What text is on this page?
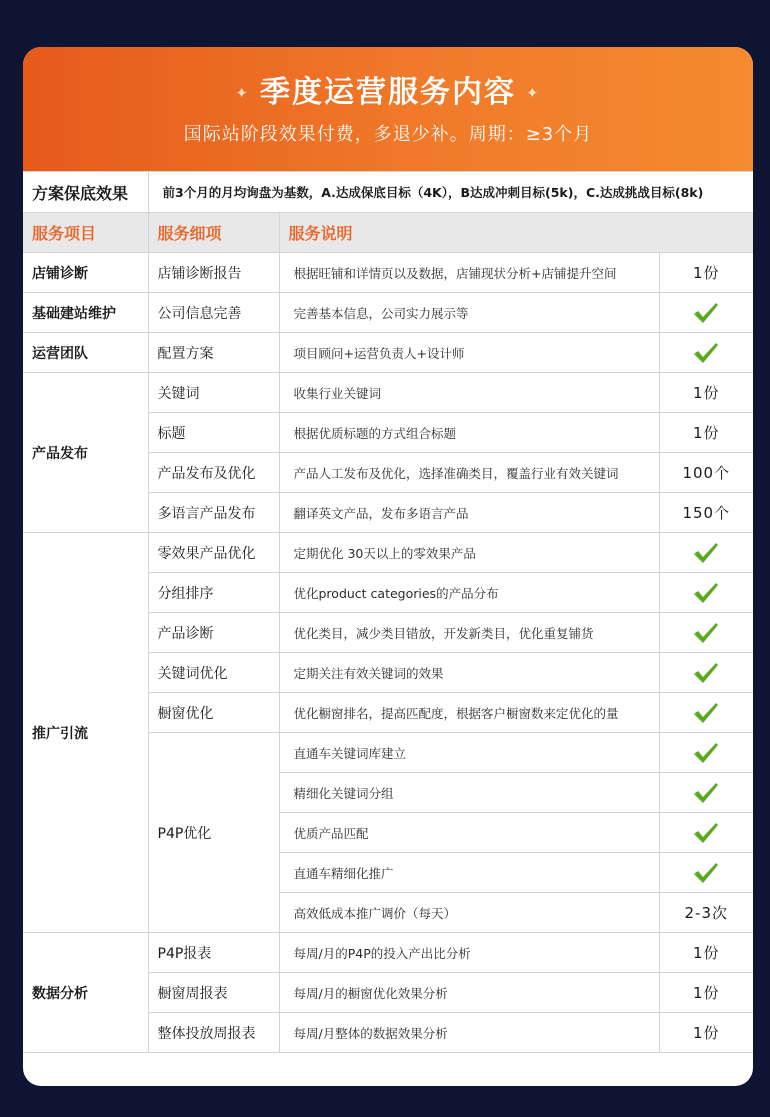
✦ 季度运营服务内容 ✦
国际站阶段效果付费，多退少补。周期：≥3个月
方案保底效果	前3个月的月均询盘为基数，A.达成保底目标（4K），B达成冲刺目标(5k)，C.达成挑战目标(8k)		
服务项目	服务细项	服务说明	
店铺诊断	店铺诊断报告	根据旺铺和详情页以及数据，店铺现状分析+店铺提升空间	1份
基础建站维护	公司信息完善	完善基本信息，公司实力展示等	
运营团队	配置方案	项目顾问+运营负责人+设计师	
产品发布	关键词	收集行业关键词	1份
	标题	根据优质标题的方式组合标题	1份
	产品发布及优化	产品人工发布及优化，选择准确类目，覆盖行业有效关键词	100个
	多语言产品发布	翻译英文产品，发布多语言产品	150个
推广引流	零效果产品优化	定期优化 30天以上的零效果产品	
	分组排序	优化product categories的产品分布	
	产品诊断	优化类目，减少类目错放，开发新类目，优化重复铺货	
	关键词优化	定期关注有效关键词的效果	
	橱窗优化	优化橱窗排名，提高匹配度，根据客户橱窗数来定优化的量	
	P4P优化	直通车关键词库建立	
		精细化关键词分组	
		优质产品匹配	
		直通车精细化推广	
		高效低成本推广调价（每天）	2-3次
数据分析	P4P报表	每周/月的P4P的投入产出比分析	1份
	橱窗周报表	每周/月的橱窗优化效果分析	1份
	整体投放周报表	每周/月整体的数据效果分析	1份
